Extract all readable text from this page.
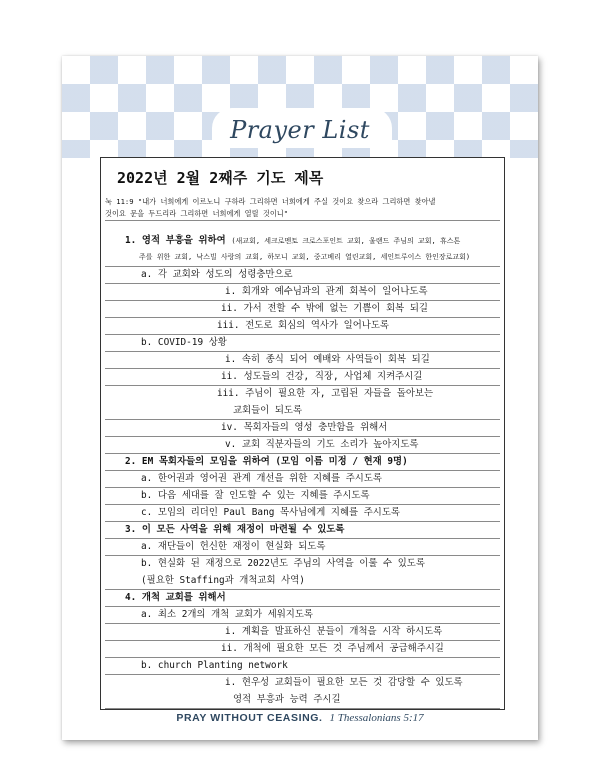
Prayer List
2022년 2월 2째주 기도 제목
눅 11:9 "내가 너희에게 이르노니 구하라 그리하면 너희에게 주실 것이요 찾으라 그리하면 찾아낼
것이요 문을 두드리라 그리하면 너희에게 열릴 것이니"
1. 영적 부흥을 위하여 (새교회, 세크로멘토 크로스포인트 교회, 울랜드 주님의 교회, 휴스톤
주를 위한 교회, 낙스빌 사랑의 교회, 하모니 교회, 중고베리 열린교회, 세인트루이스 한인장로교회)
a. 각 교회와 성도의 성령충만으로
i. 회개와 예수님과의 관계 회복이 일어나도록
ii. 가서 전할 수 밖에 없는 기쁨이 회복 되길
iii. 전도로 회심의 역사가 일어나도록
b. COVID-19 상황
i. 속히 종식 되어 예배와 사역들이 회복 되길
ii. 성도들의 건강, 직장, 사업체 지켜주시길
iii. 주님이 필요한 자, 고립된 자들을 돌아보는
교회들이 되도록
iv. 목회자들의 영성 충만함을 위해서
v. 교회 직분자들의 기도 소리가 높아지도록
2. EM 목회자들의 모임을 위하여 (모임 이름 미정 / 현재 9명)
a. 한어권과 영어권 관계 개선을 위한 지혜를 주시도록
b. 다음 세대를 잘 인도할 수 있는 지혜를 주시도록
c. 모임의 리더인 Paul Bang 목사님에게 지혜를 주시도록
3. 이 모든 사역을 위해 재정이 마련될 수 있도록
a. 재단들이 헌신한 재정이 현실화 되도록
b. 현실화 된 재정으로 2022년도 주님의 사역을 이룰 수 있도록
(필요한 Staffing과 개척교회 사역)
4. 개척 교회를 위해서
a. 최소 2개의 개척 교회가 세워지도록
i. 계획을 발표하신 분들이 개척을 시작 하시도록
ii. 개척에 필요한 모든 것 주님께서 공급해주시길
b. church Planting network
i. 현우성 교회들이 필요한 모든 것 감당할 수 있도록
영적 부흥과 능력 주시길
PRAY WITHOUT CEASING. 1 Thessalonians 5:17
